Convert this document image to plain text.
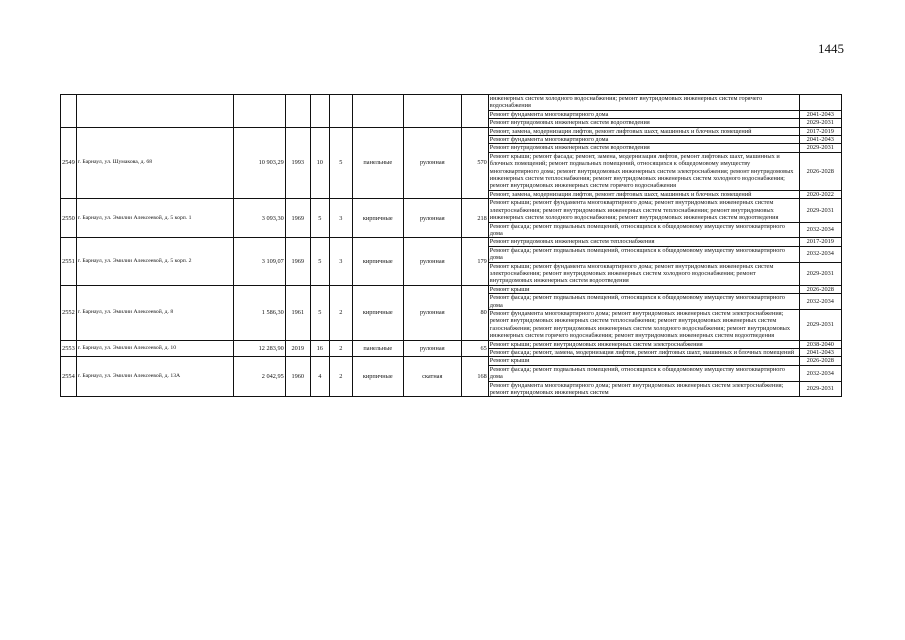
1445
									инженерных систем холодного водоснабжения; ремонт внутридомовых инженерных систем горячего водоснабжения	
									Ремонт фундамента многоквартирного дома	2041-2043
									Ремонт внутридомовых инженерных систем водоотведения	2029-2031
2549	г. Барнаул, ул. Шумакова, д. 68	10 903,29	1993	10	5	панельные	рулонная	570	Ремонт, замена, модернизация лифтов, ремонт лифтовых шахт, машинных и блочных помещений	2017-2019
									Ремонт фундамента многоквартирного дома	2041-2043
									Ремонт внутридомовых инженерных систем водоотведения	2029-2031
									Ремонт крыши; ремонт фасада; ремонт, замена, модернизация лифтов, ремонт лифтовых шахт, машинных и блочных помещений; ремонт подвальных помещений, относящихся к общедомовому имуществу многоквартирного дома; ремонт внутридомовых инженерных систем электроснабжения; ремонт внутридомовых инженерных систем теплоснабжения; ремонт внутридомовых инженерных систем холодного водоснабжения; ремонт внутридомовых инженерных систем горячего водоснабжения	2026-2028
									Ремонт, замена, модернизация лифтов, ремонт лифтовых шахт, машинных и блочных помещений	2020-2022
2550	г. Барнаул, ул. Эмилии Алексеевой, д. 5 корп. 1	3 093,30	1969	5	3	кирпичные	рулонная	218	Ремонт крыши; ремонт фундамента многоквартирного дома; ремонт внутридомовых инженерных систем электроснабжения; ремонт внутридомовых инженерных систем теплоснабжения; ремонт внутридомовых инженерных систем холодного водоснабжения; ремонт внутридомовых инженерных систем водоотведения	2029-2031
									Ремонт фасада; ремонт подвальных помещений, относящихся к общедомовому имуществу многоквартирного дома	2032-2034
2551	г. Барнаул, ул. Эмилии Алексеевой, д. 5 корп. 2	3 109,07	1969	5	3	кирпичные	рулонная	179	Ремонт внутридомовых инженерных систем теплоснабжения	2017-2019
									Ремонт фасада; ремонт подвальных помещений, относящихся к общедомовому имуществу многоквартирного дома	2032-2034
									Ремонт крыши; ремонт фундамента многоквартирного дома; ремонт внутридомовых инженерных систем электроснабжения; ремонт внутридомовых инженерных систем холодного водоснабжения; ремонт внутридомовых инженерных систем водоотведения	2029-2031
2552	г. Барнаул, ул. Эмилии Алексеевой, д. 8	1 586,30	1961	5	2	кирпичные	рулонная	80	Ремонт крыши	2026-2028
									Ремонт фасада; ремонт подвальных помещений, относящихся к общедомовому имуществу многоквартирного дома	2032-2034
									Ремонт фундамента многоквартирного дома; ремонт внутридомовых инженерных систем электроснабжения; ремонт внутридомовых инженерных систем теплоснабжения; ремонт внутридомовых инженерных систем газоснабжения; ремонт внутридомовых инженерных систем холодного водоснабжения; ремонт внутридомовых инженерных систем горячего водоснабжения; ремонт внутридомовых инженерных систем водоотведения	2029-2031
2553	г. Барнаул, ул. Эмилии Алексеевой, д. 10	12 283,90	2019	16	2	панельные	рулонная	65	Ремонт крыши; ремонт внутридомовых инженерных систем электроснабжения	2038-2040
									Ремонт фасада; ремонт, замена, модернизация лифтов, ремонт лифтовых шахт, машинных и блочных помещений	2041-2043
2554	г. Барнаул, ул. Эмилии Алексеевой, д. 13А	2 042,95	1960	4	2	кирпичные	скатная	168	Ремонт крыши	2026-2028
									Ремонт фасада; ремонт подвальных помещений, относящихся к общедомовому имуществу многоквартирного дома	2032-2034
									Ремонт фундамента многоквартирного дома; ремонт внутридомовых инженерных систем электроснабжения; ремонт внутридомовых инженерных систем	2029-2031
